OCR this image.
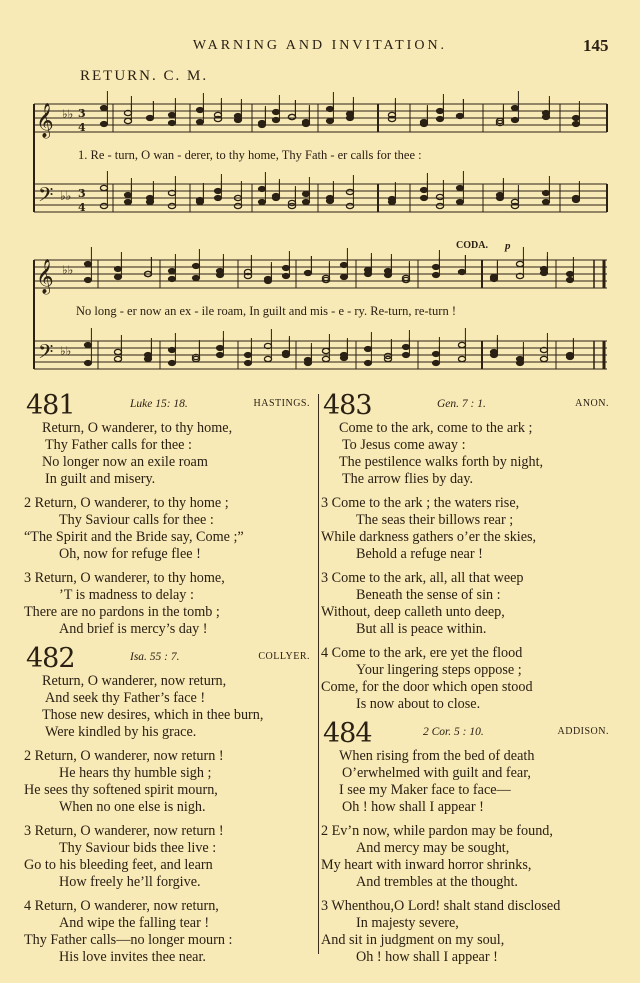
WARNING AND INVITATION.	145
RETURN. C. M.
𝄞
𝄢
𝄞
𝄢
♭♭
♭♭
♭♭
♭♭
3
4
3
4
1. Re - turn, O wan - derer, to thy home, Thy Fath - er calls for thee :
No long - er now an ex - ile roam, In guilt and mis - e - ry. Re-turn, re-turn !
CODA. p
481	Luke 15: 18.	HASTINGS.
Return, O wanderer, to thy home,
Thy Father calls for thee :
No longer now an exile roam
In guilt and misery.
2 Return, O wanderer, to thy home ;
Thy Saviour calls for thee :
“The Spirit and the Bride say, Come ;”
Oh, now for refuge flee !
3 Return, O wanderer, to thy home,
’T is madness to delay :
There are no pardons in the tomb ;
And brief is mercy’s day !
482	Isa. 55 : 7.	COLLYER.
Return, O wanderer, now return,
And seek thy Father’s face !
Those new desires, which in thee burn,
Were kindled by his grace.
2 Return, O wanderer, now return !
He hears thy humble sigh ;
He sees thy softened spirit mourn,
When no one else is nigh.
3 Return, O wanderer, now return !
Thy Saviour bids thee live :
Go to his bleeding feet, and learn
How freely he’ll forgive.
4 Return, O wanderer, now return,
And wipe the falling tear !
Thy Father calls—no longer mourn :
His love invites thee near.
483	Gen. 7 : 1.	ANON.
Come to the ark, come to the ark ;
To Jesus come away :
The pestilence walks forth by night,
The arrow flies by day.
3 Come to the ark ; the waters rise,
The seas their billows rear ;
While darkness gathers o’er the skies,
Behold a refuge near !
3 Come to the ark, all, all that weep
Beneath the sense of sin :
Without, deep calleth unto deep,
But all is peace within.
4 Come to the ark, ere yet the flood
Your lingering steps oppose ;
Come, for the door which open stood
Is now about to close.
484	2 Cor. 5 : 10.	ADDISON.
When rising from the bed of death
O’erwhelmed with guilt and fear,
I see my Maker face to face—
Oh ! how shall I appear !
2 Ev’n now, while pardon may be found,
And mercy may be sought,
My heart with inward horror shrinks,
And trembles at the thought.
3 Whenthou,O Lord! shalt stand disclosed
In majesty severe,
And sit in judgment on my soul,
Oh ! how shall I appear !
